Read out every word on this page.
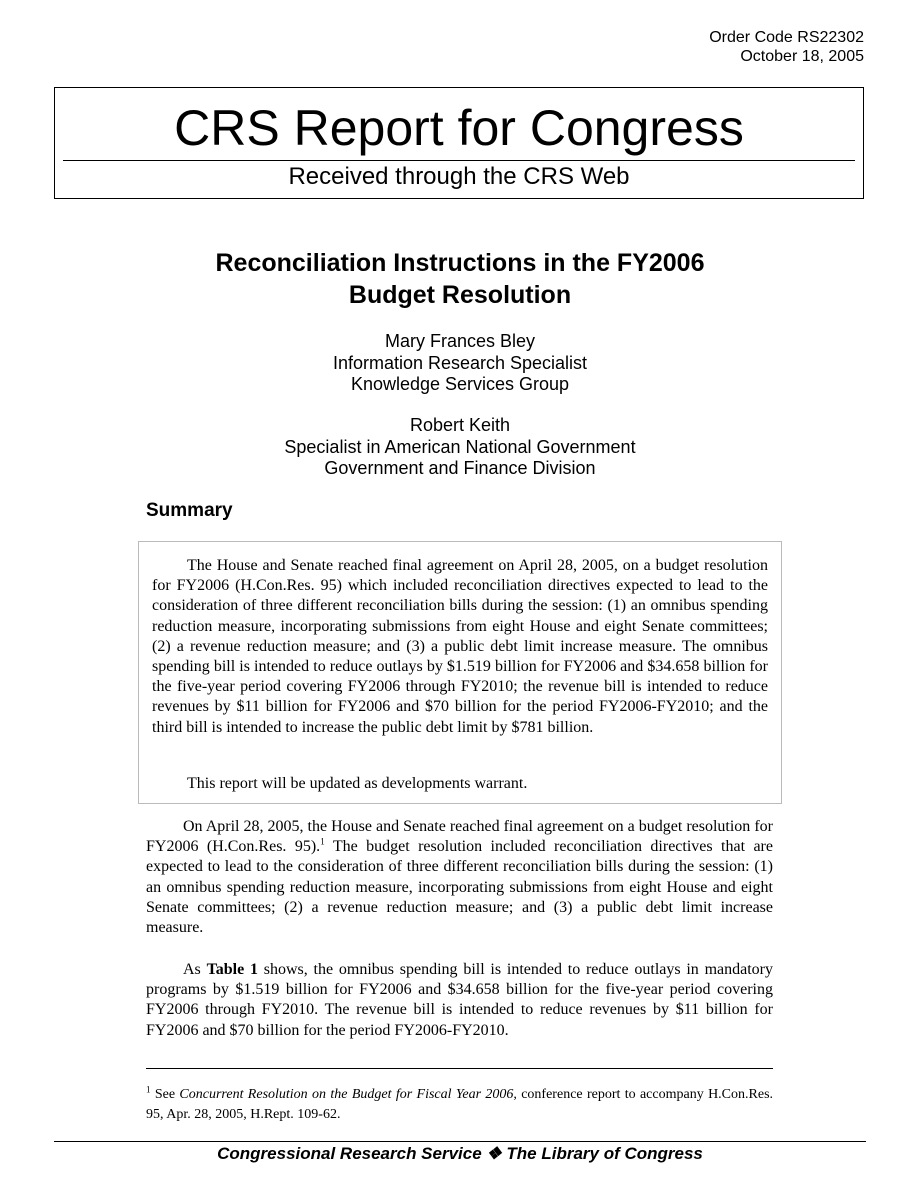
Order Code RS22302
October 18, 2005
CRS Report for Congress
Received through the CRS Web
Reconciliation Instructions in the FY2006
Budget Resolution
Mary Frances Bley
Information Research Specialist
Knowledge Services Group
Robert Keith
Specialist in American National Government
Government and Finance Division
Summary

The House and Senate reached final agreement on April 28, 2005, on a budget resolution for FY2006 (H.Con.Res. 95) which included reconciliation directives expected to lead to the consideration of three different reconciliation bills during the session: (1) an omnibus spending reduction measure, incorporating submissions from eight House and eight Senate committees; (2) a revenue reduction measure; and (3) a public debt limit increase measure. The omnibus spending bill is intended to reduce outlays by $1.519 billion for FY2006 and $34.658 billion for the five-year period covering FY2006 through FY2010; the revenue bill is intended to reduce revenues by $11 billion for FY2006 and $70 billion for the period FY2006-FY2010; and the third bill is intended to increase the public debt limit by $781 billion.

This report will be updated as developments warrant.

On April 28, 2005, the House and Senate reached final agreement on a budget resolution for FY2006 (H.Con.Res. 95).$^1$ The budget resolution included reconciliation directives that are expected to lead to the consideration of three different reconciliation bills during the session: (1) an omnibus spending reduction measure, incorporating submissions from eight House and eight Senate committees; (2) a revenue reduction measure; and (3) a public debt limit increase measure.

As Table 1 shows, the omnibus spending bill is intended to reduce outlays in mandatory programs by $1.519 billion for FY2006 and $34.658 billion for the five-year period covering FY2006 through FY2010. The revenue bill is intended to reduce revenues by $11 billion for FY2006 and $70 billion for the period FY2006-FY2010.

$^1$ See Concurrent Resolution on the Budget for Fiscal Year 2006, conference report to accompany H.Con.Res. 95, Apr. 28, 2005, H.Rept. 109-62.

Congressional Research Service ❖ The Library of Congress
